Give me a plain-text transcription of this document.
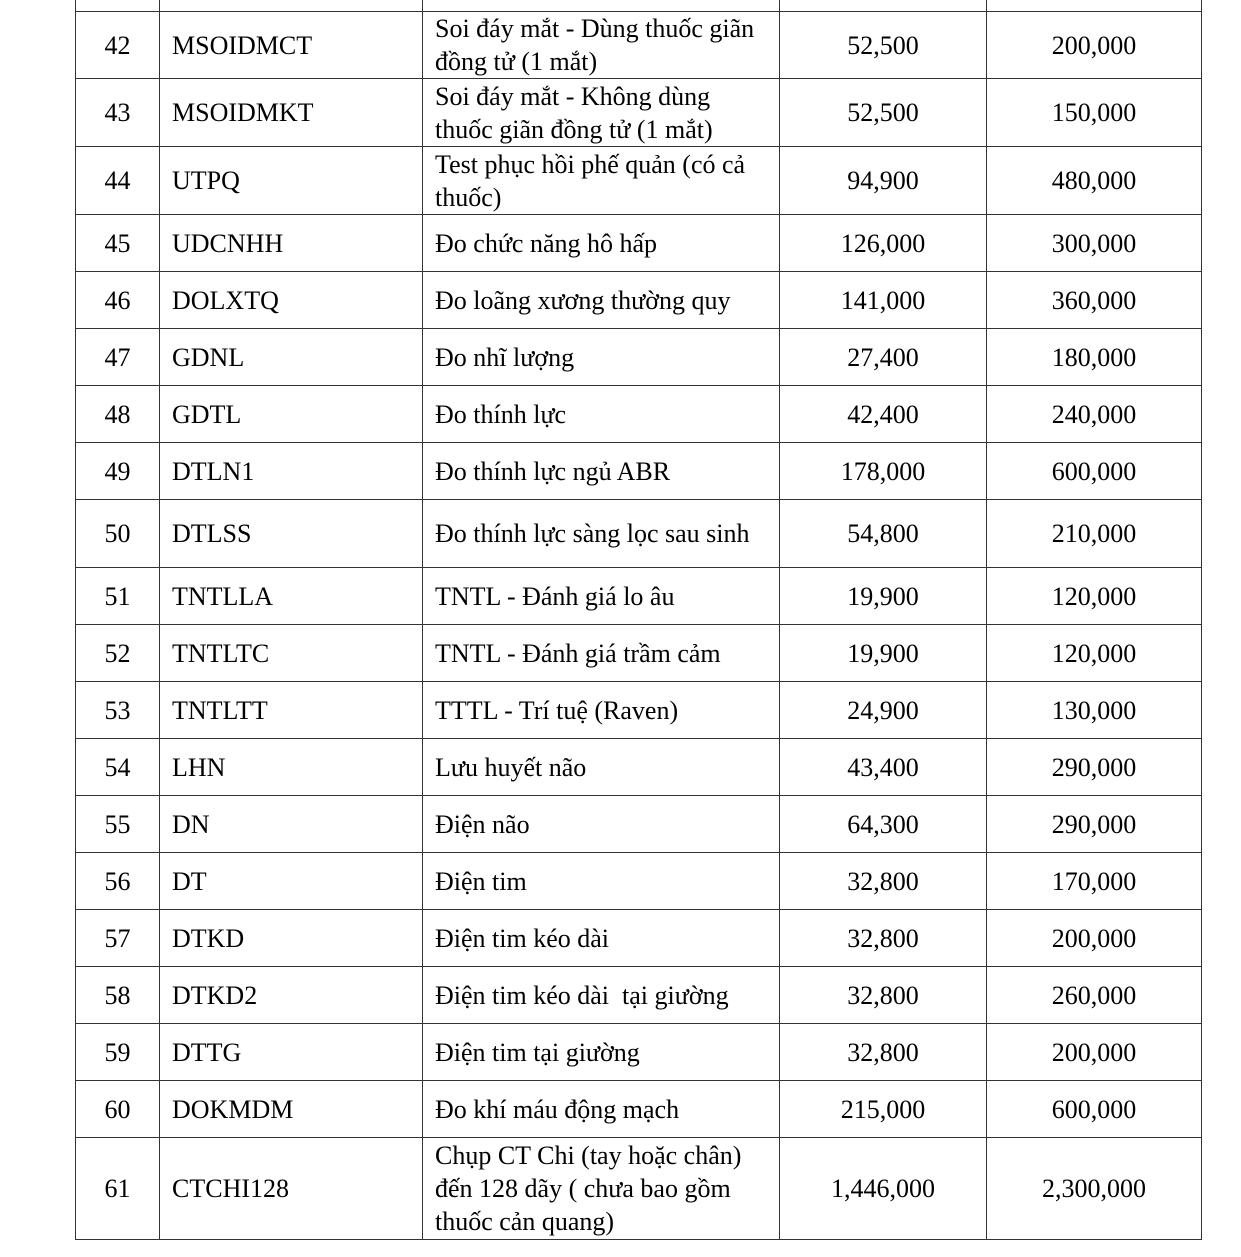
42	MSOIDMCT	Soi đáy mắt - Dùng thuốc giãn đồng tử (1 mắt)	52,500	200,000
43	MSOIDMKT	Soi đáy mắt - Không dùng thuốc giãn đồng tử (1 mắt)	52,500	150,000
44	UTPQ	Test phục hồi phế quản (có cả thuốc)	94,900	480,000
45	UDCNHH	Đo chức năng hô hấp	126,000	300,000
46	DOLXTQ	Đo loãng xương thường quy	141,000	360,000
47	GDNL	Đo nhĩ lượng	27,400	180,000
48	GDTL	Đo thính lực	42,400	240,000
49	DTLN1	Đo thính lực ngủ ABR	178,000	600,000
50	DTLSS	Đo thính lực sàng lọc sau sinh	54,800	210,000
51	TNTLLA	TNTL - Đánh giá lo âu	19,900	120,000
52	TNTLTC	TNTL - Đánh giá trầm cảm	19,900	120,000
53	TNTLTT	TTTL - Trí tuệ (Raven)	24,900	130,000
54	LHN	Lưu huyết não	43,400	290,000
55	DN	Điện não	64,300	290,000
56	DT	Điện tim	32,800	170,000
57	DTKD	Điện tim kéo dài	32,800	200,000
58	DTKD2	Điện tim kéo dài  tại giường	32,800	260,000
59	DTTG	Điện tim tại giường	32,800	200,000
60	DOKMDM	Đo khí máu động mạch	215,000	600,000
61	CTCHI128	Chụp CT Chi (tay hoặc chân) đến 128 dãy ( chưa bao gồm thuốc cản quang)	1,446,000	2,300,000
